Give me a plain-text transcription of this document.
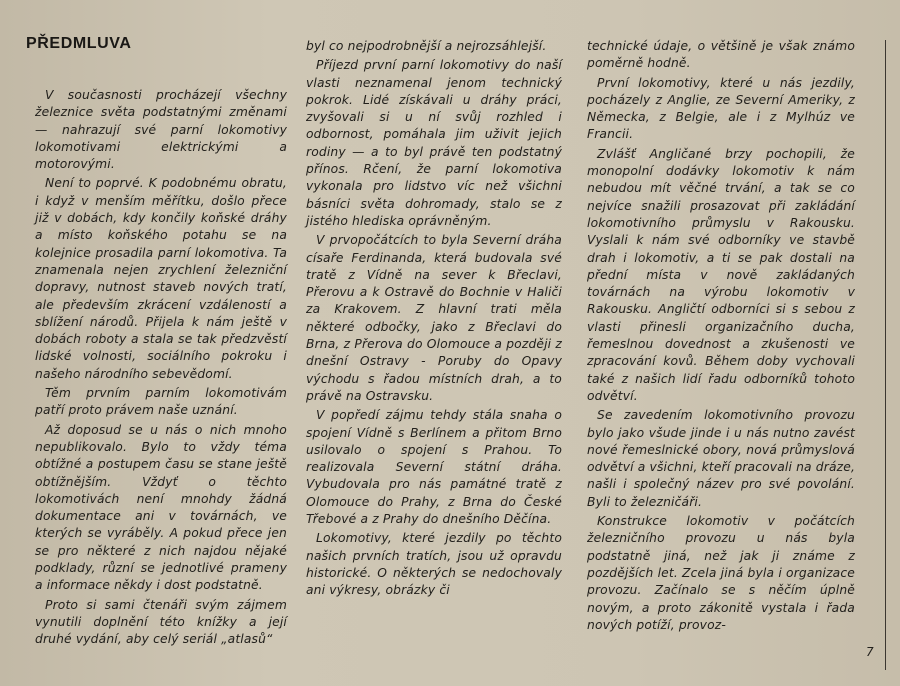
PŘEDMLUVA

V současnosti procházejí všechny železnice světa podstatnými změnami — nahrazují své parní lokomotivy lokomotivami elektrickými a motorovými.

Není to poprvé. K podobnému obratu, i když v menším měřítku, došlo přece již v dobách, kdy končily koňské dráhy a místo koňského potahu se na kolejnice prosadila parní lokomotiva. Ta znamenala nejen zrychlení železniční dopravy, nutnost staveb nových tratí, ale především zkrácení vzdáleností a sblížení národů. Přijela k nám ještě v dobách roboty a stala se tak předzvěstí lidské volnosti, sociálního pokroku i našeho národního sebevědomí.

Těm prvním parním lokomotivám patří proto právem naše uznání.

Až doposud se u nás o nich mnoho nepublikovalo. Bylo to vždy téma obtížné a postupem času se stane ještě obtížnějším. Vždyť o těchto lokomotivách není mnohdy žádná dokumentace ani v továrnách, ve kterých se vyráběly. A pokud přece jen se pro některé z nich najdou nějaké podklady, různí se jednotlivé prameny a informace někdy i dost podstatně.

Proto si sami čtenáři svým zájmem vynutili doplnění této knížky a její druhé vydání, aby celý seriál „atlasů“

byl co nejpodrobnější a nejrozsáhlejší.

Příjezd první parní lokomotivy do naší vlasti neznamenal jenom technický pokrok. Lidé získávali u dráhy práci, zvyšovali si u ní svůj rozhled i odbornost, pomáhala jim uživit jejich rodiny — a to byl právě ten podstatný přínos. Rčení, že parní lokomotiva vykonala pro lidstvo víc než všichni básníci světa dohromady, stalo se z jistého hlediska oprávněným.

V prvopočátcích to byla Severní dráha císaře Ferdinanda, která budovala své tratě z Vídně na sever k Břeclavi, Přerovu a k Ostravě do Bochnie v Haliči za Krakovem. Z hlavní trati měla některé odbočky, jako z Břeclavi do Brna, z Přerova do Olomouce a později z dnešní Ostravy - Poruby do Opavy východu s řadou místních drah, a to právě na Ostravsku.

V popředí zájmu tehdy stála snaha o spojení Vídně s Berlínem a přitom Brno usilovalo o spojení s Prahou. To realizovala Severní státní dráha. Vybudovala pro nás památné tratě z Olomouce do Prahy, z Brna do České Třebové a z Prahy do dnešního Děčína.

Lokomotivy, které jezdily po těchto našich prvních tratích, jsou už opravdu historické. O některých se nedochovaly ani výkresy, obrázky či

technické údaje, o většině je však známo poměrně hodně.

První lokomotivy, které u nás jezdily, pocházely z Anglie, ze Severní Ameriky, z Německa, z Belgie, ale i z Mylhúz ve Francii.

Zvlášť Angličané brzy pochopili, že monopolní dodávky lokomotiv k nám nebudou mít věčné trvání, a tak se co nejvíce snažili prosazovat při zakládání lokomotivního průmyslu v Rakousku. Vyslali k nám své odborníky ve stavbě drah i lokomotiv, a ti se pak dostali na přední místa v nově zakládaných továrnách na výrobu lokomotiv v Rakousku. Angličtí odborníci si s sebou z vlasti přinesli organizačního ducha, řemeslnou dovednost a zkušenosti ve zpracování kovů. Během doby vychovali také z našich lidí řadu odborníků tohoto odvětví.

Se zavedením lokomotivního provozu bylo jako všude jinde i u nás nutno zavést nové řemeslnické obory, nová průmyslová odvětví a všichni, kteří pracovali na dráze, našli i společný název pro své povolání. Byli to železničáři.

Konstrukce lokomotiv v počátcích železničního provozu u nás byla podstatně jiná, než jak ji známe z pozdějších let. Zcela jiná byla i organizace provozu. Začínalo se s něčím úplně novým, a proto zákonitě vystala i řada nových potíží, provoz-

7
